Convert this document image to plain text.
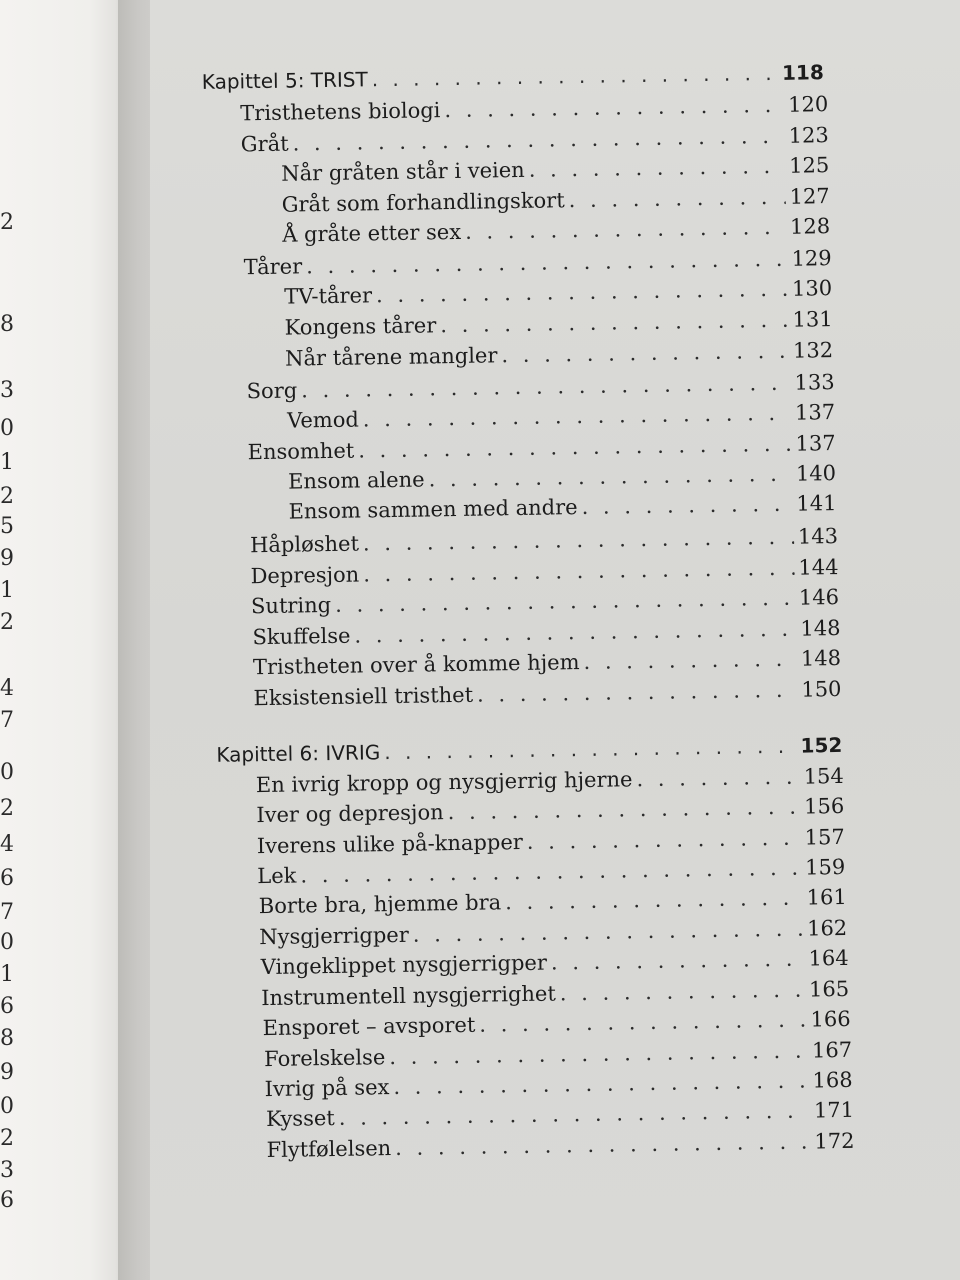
2
8
3
0
1
2
5
9
1
2
4
7
0
2
4
6
7
0
1
6
8
9
0
2
3
6
Kapittel 5: TRIST . . .	118
Tristhetens biologi . . .	120
Gråt . . .	123
Når gråten står i veien . . .	125
Gråt som forhandlingskort . . .	127
Å gråte etter sex . . .	128
Tårer . . .	129
TV-tårer . . .	130
Kongens tårer . . .	131
Når tårene mangler . . .	132
Sorg . . .	133
Vemod . . .	137
Ensomhet . . .	137
Ensom alene . . .	140
Ensom sammen med andre . . .	141
Håpløshet . . .	143
Depresjon . . .	144
Sutring . . .	146
Skuffelse . . .	148
Tristheten over å komme hjem . . .	148
Eksistensiell tristhet . . .	150
Kapittel 6: IVRIG . . .	152
En ivrig kropp og nysgjerrig hjerne . . .	154
Iver og depresjon . . .	156
Iverens ulike på-knapper . . .	157
Lek . . .	159
Borte bra, hjemme bra . . .	161
Nysgjerrigper . . .	162
Vingeklippet nysgjerrigper . . .	164
Instrumentell nysgjerrighet . . .	165
Ensporet – avsporet . . .	166
Forelskelse . . .	167
Ivrig på sex . . .	168
Kysset . . .	171
Flytfølelsen . . .	172
